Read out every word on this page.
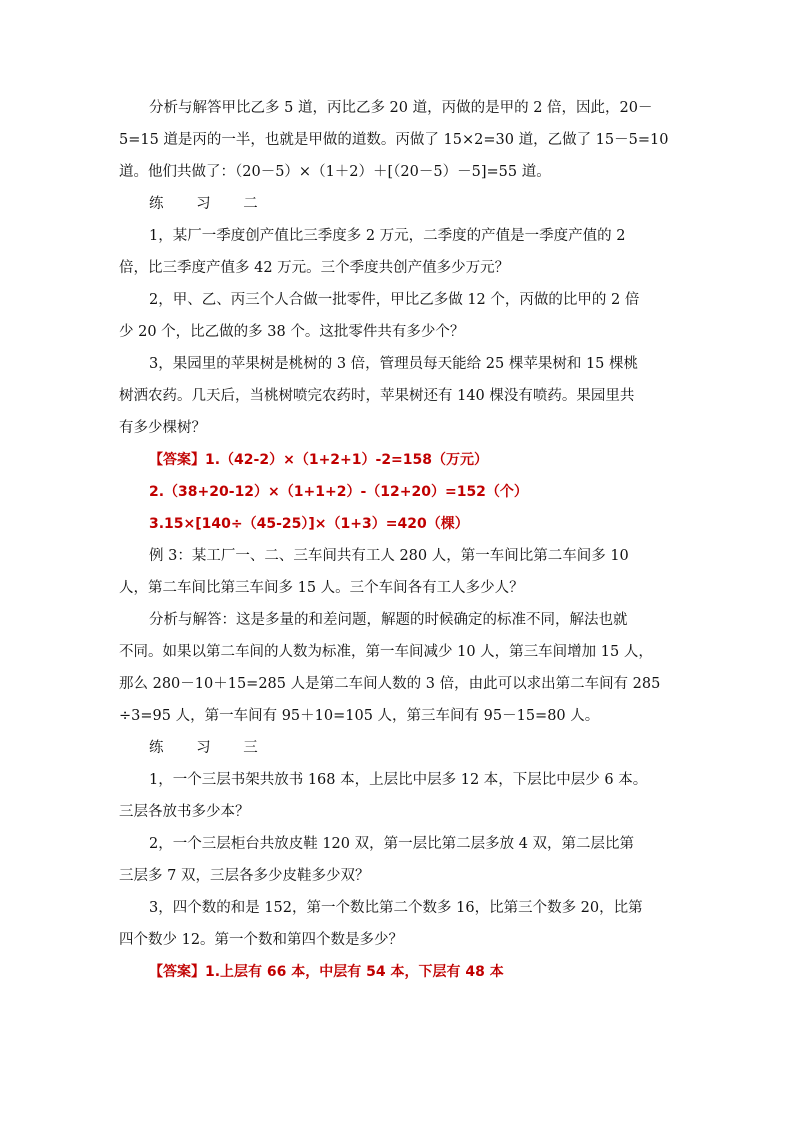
分析与解答甲比乙多 5 道，丙比乙多 20 道，丙做的是甲的 2 倍，因此，20－
5=15 道是丙的一半，也就是甲做的道数。丙做了 15×2=30 道，乙做了 15－5=10
道。他们共做了：（20－5）×（1＋2）＋[（20－5）－5]=55 道。
练 习 二
1，某厂一季度创产值比三季度多 2 万元，二季度的产值是一季度产值的 2
倍，比三季度产值多 42 万元。三个季度共创产值多少万元？
2，甲、乙、丙三个人合做一批零件，甲比乙多做 12 个，丙做的比甲的 2 倍
少 20 个，比乙做的多 38 个。这批零件共有多少个？
3，果园里的苹果树是桃树的 3 倍，管理员每天能给 25 棵苹果树和 15 棵桃
树洒农药。几天后，当桃树喷完农药时，苹果树还有 140 棵没有喷药。果园里共
有多少棵树？
【答案】1.（42-2）×（1+2+1）-2=158（万元）
2.（38+20-12）×（1+1+2）-（12+20）=152（个）
3.15×[140÷（45-25）]×（1+3）=420（棵）
例 3：某工厂一、二、三车间共有工人 280 人，第一车间比第二车间多 10
人，第二车间比第三车间多 15 人。三个车间各有工人多少人？
分析与解答：这是多量的和差问题，解题的时候确定的标准不同，解法也就
不同。如果以第二车间的人数为标准，第一车间减少 10 人，第三车间增加 15 人，
那么 280－10＋15=285 人是第二车间人数的 3 倍，由此可以求出第二车间有 285
÷3=95 人，第一车间有 95＋10=105 人，第三车间有 95－15=80 人。
练 习 三
1，一个三层书架共放书 168 本，上层比中层多 12 本，下层比中层少 6 本。
三层各放书多少本？
2，一个三层柜台共放皮鞋 120 双，第一层比第二层多放 4 双，第二层比第
三层多 7 双，三层各多少皮鞋多少双？
3，四个数的和是 152，第一个数比第二个数多 16，比第三个数多 20，比第
四个数少 12。第一个数和第四个数是多少？
【答案】1.上层有 66 本，中层有 54 本，下层有 48 本
